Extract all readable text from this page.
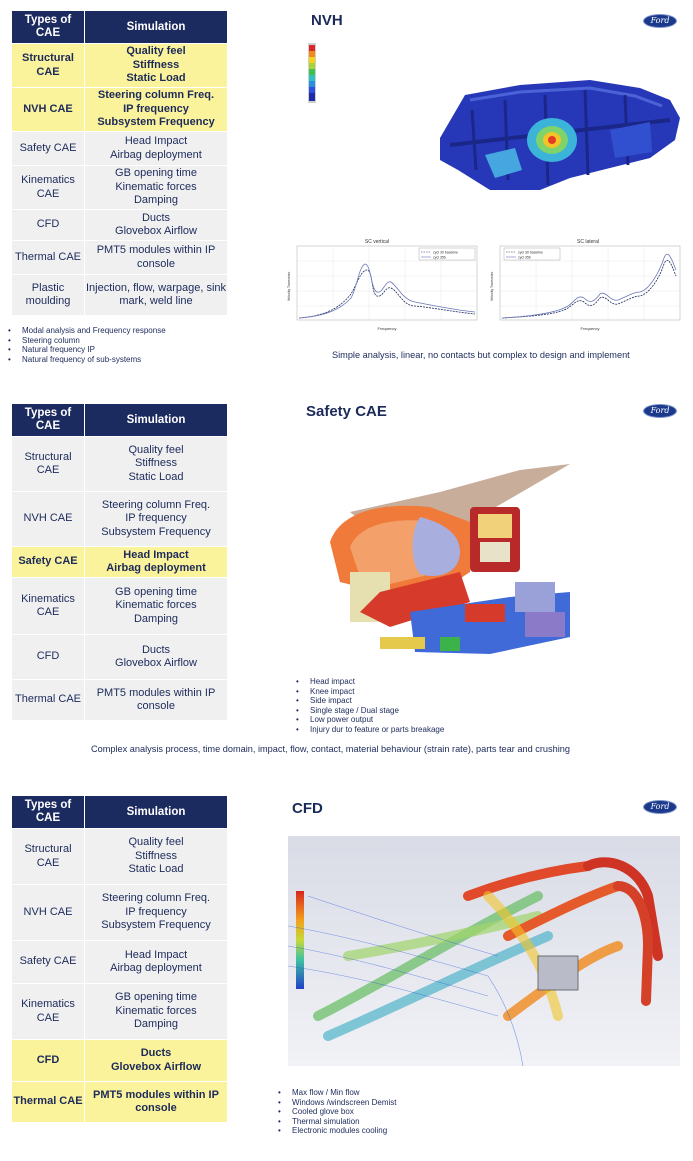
Types of CAE	Simulation
Structural CAE	Quality feel
Stiffness
Static Load

NVH CAE	Steering column Freq.
IP frequency
Subsystem Frequency

Safety CAE	Head Impact
Airbag deployment

Kinematics CAE	GB opening time
Kinematic forces
Damping

CFD	Ducts
Glovebox Airflow

Thermal CAE	PMT5 modules within IP console

Plastic moulding	Injection, flow, warpage, sink mark, weld line
NVH	Ford
SC vertical
cycl 30 baseline
cycl 35b
Frequency
Velocity Transmiss.
SC lateral
cycl 30 baseline
cycl 35b
Frequency
Velocity Transmiss.
• Modal analysis and Frequency response
• Steering column
• Natural frequency IP
• Natural frequency of sub-systems	Simple analysis, linear, no contacts but complex to design and implement
Types of CAE	Simulation
Structural CAE	Quality feel
Stiffness
Static Load

NVH CAE	Steering column Freq.
IP frequency
Subsystem Frequency

Safety CAE	Head Impact
Airbag deployment

Kinematics CAE	GB opening time
Kinematic forces
Damping

CFD	Ducts
Glovebox Airflow

Thermal CAE	PMT5 modules within IP console
Safety CAE	Ford

• Head impact
• Knee impact
• Side impact
• Single stage / Dual stage
• Low power output
• Injury dur to feature or parts breakage
Complex analysis process, time domain, impact, flow, contact, material behaviour (strain rate), parts tear and crushing
Types of CAE	Simulation
Structural CAE	Quality feel
Stiffness
Static Load

NVH CAE	Steering column Freq.
IP frequency
Subsystem Frequency

Safety CAE	Head Impact
Airbag deployment

Kinematics CAE	GB opening time
Kinematic forces
Damping

CFD	Ducts
Glovebox Airflow

Thermal CAE	PMT5 modules within IP console
CFD	Ford
• Max flow / Min flow
• Windows /windscreen Demist
• Cooled glove box
• Thermal simulation
• Electronic modules cooling
